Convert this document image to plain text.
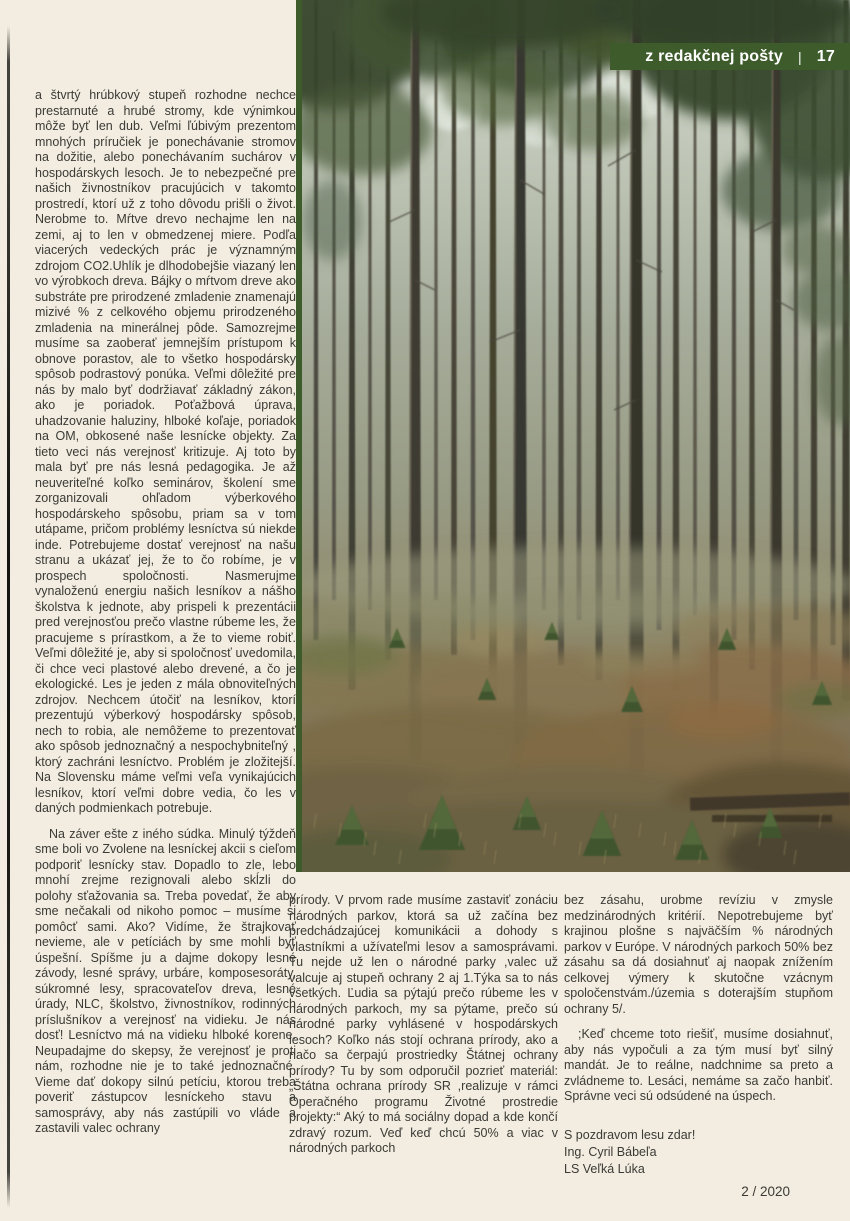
z redakčnej pošty | 17

a štvrtý hrúbkový stupeň rozhodne nechce prestarnuté a hrubé stromy, kde výnimkou môže byť len dub. Veľmi ľúbivým prezentom mnohých príručiek je ponechávanie stromov na dožitie, alebo ponechávaním suchárov v hospodárskych lesoch. Je to nebezpečné pre našich živnostníkov pracujúcich v takomto prostredí, ktorí už z toho dôvodu prišli o život. Nerobme to. Mŕtve drevo nechajme len na zemi, aj to len v obmedzenej miere. Podľa viacerých vedeckých prác je významným zdrojom CO2.Uhlík je dlhodobejšie viazaný len vo výrobkoch dreva. Bájky o mŕtvom dreve ako substráte pre prirodzené zmladenie znamenajú mizivé % z celkového objemu prirodzeného zmladenia na minerálnej pôde. Samozrejme musíme sa zaoberať jemnejším prístupom k obnove porastov, ale to všetko hospodársky spôsob podrastový ponúka. Veľmi dôležité pre nás by malo byť dodržiavať základný zákon, ako je poriadok. Poťažbová úprava, uhadzovanie haluziny, hlboké koľaje, poriadok na OM, obkosené naše lesnícke objekty. Za tieto veci nás verejnosť kritizuje. Aj toto by mala byť pre nás lesná pedagogika. Je až neuveriteľné koľko seminárov, školení sme zorganizovali ohľadom výberkového hospodárskeho spôsobu, priam sa v tom utápame, pričom problémy lesníctva sú niekde inde. Potrebujeme dostať verejnosť na našu stranu a ukázať jej, že to čo robíme, je v prospech spoločnosti. Nasmerujme vynaloženú energiu našich lesníkov a nášho školstva k jednote, aby prispeli k prezentácii pred verejnosťou prečo vlastne rúbeme les, že pracujeme s prírastkom, a že to vieme robiť. Veľmi dôležité je, aby si spoločnosť uvedomila, či chce veci plastové alebo drevené, a čo je ekologické. Les je jeden z mála obnoviteľných zdrojov. Nechcem útočiť na lesníkov, ktorí prezentujú výberkový hospodársky spôsob, nech to robia, ale nemôžeme to prezentovať ako spôsob jednoznačný a nespochybniteľný , ktorý zachráni lesníctvo. Problém je zložitejší. Na Slovensku máme veľmi veľa vynikajúcich lesníkov, ktorí veľmi dobre vedia, čo les v daných podmienkach potrebuje.

Na záver ešte z iného súdka. Minulý týždeň sme boli vo Zvolene na lesníckej akcii s cieľom podporiť lesnícky stav. Dopadlo to zle, lebo mnohí zrejme rezignovali alebo skĺzli do polohy sťažovania sa. Treba povedať, že aby sme nečakali od nikoho pomoc – musíme si pomôcť sami. Ako? Vidíme, že štrajkovať nevieme, ale v petíciách by sme mohli byť úspešní. Spíšme ju a dajme dokopy lesné závody, lesné správy, urbáre, komposesoráty, súkromné lesy, spracovateľov dreva, lesné úrady, NLC, školstvo, živnostníkov, rodinných príslušníkov a verejnosť na vidieku. Je nás dosť! Lesníctvo má na vidieku hlboké korene. Neupadajme do skepsy, že verejnosť je proti nám, rozhodne nie je to také jednoznačné. Vieme dať dokopy silnú petíciu, ktorou treba poveriť zástupcov lesníckeho stavu a samosprávy, aby nás zastúpili vo vláde a zastavili valec ochrany

prírody. V prvom rade musíme zastaviť zonáciu národných parkov, ktorá sa už začína bez predchádzajúcej komunikácii a dohody s vlastníkmi a užívateľmi lesov a samosprávami. Tu nejde už len o národné parky ,valec už valcuje aj stupeň ochrany 2 aj 1.Týka sa to nás všetkých. Ľudia sa pýtajú prečo rúbeme les v národných parkoch, my sa pýtame, prečo sú národné parky vyhlásené v hospodárskych lesoch? Koľko nás stojí ochrana prírody, ako a načo sa čerpajú prostriedky Štátnej ochrany prírody? Tu by som odporučil pozrieť materiál: „Štátna ochrana prírody SR ,realizuje v rámci Operačného programu Životné prostredie projekty:“ Aký to má sociálny dopad a kde končí zdravý rozum. Veď keď chcú 50% a viac v národných parkoch

bez zásahu, urobme revíziu v zmysle medzinárodných kritérií. Nepotrebujeme byť krajinou plošne s najväčším % národných parkov v Európe. V národných parkoch 50% bez zásahu sa dá dosiahnuť aj naopak znížením celkovej výmery k skutočne vzácnym spoločenstvám./územia s doterajším stupňom ochrany 5/.

;Keď chceme toto riešiť, musíme dosiahnuť, aby nás vypočuli a za tým musí byť silný mandát. Je to reálne, nadchnime sa preto a zvládneme to. Lesáci, nemáme sa začo hanbiť. Správne veci sú odsúdené na úspech.

S pozdravom lesu zdar!
Ing. Cyril Bábeľa
LS Veľká Lúka
2 / 2020
